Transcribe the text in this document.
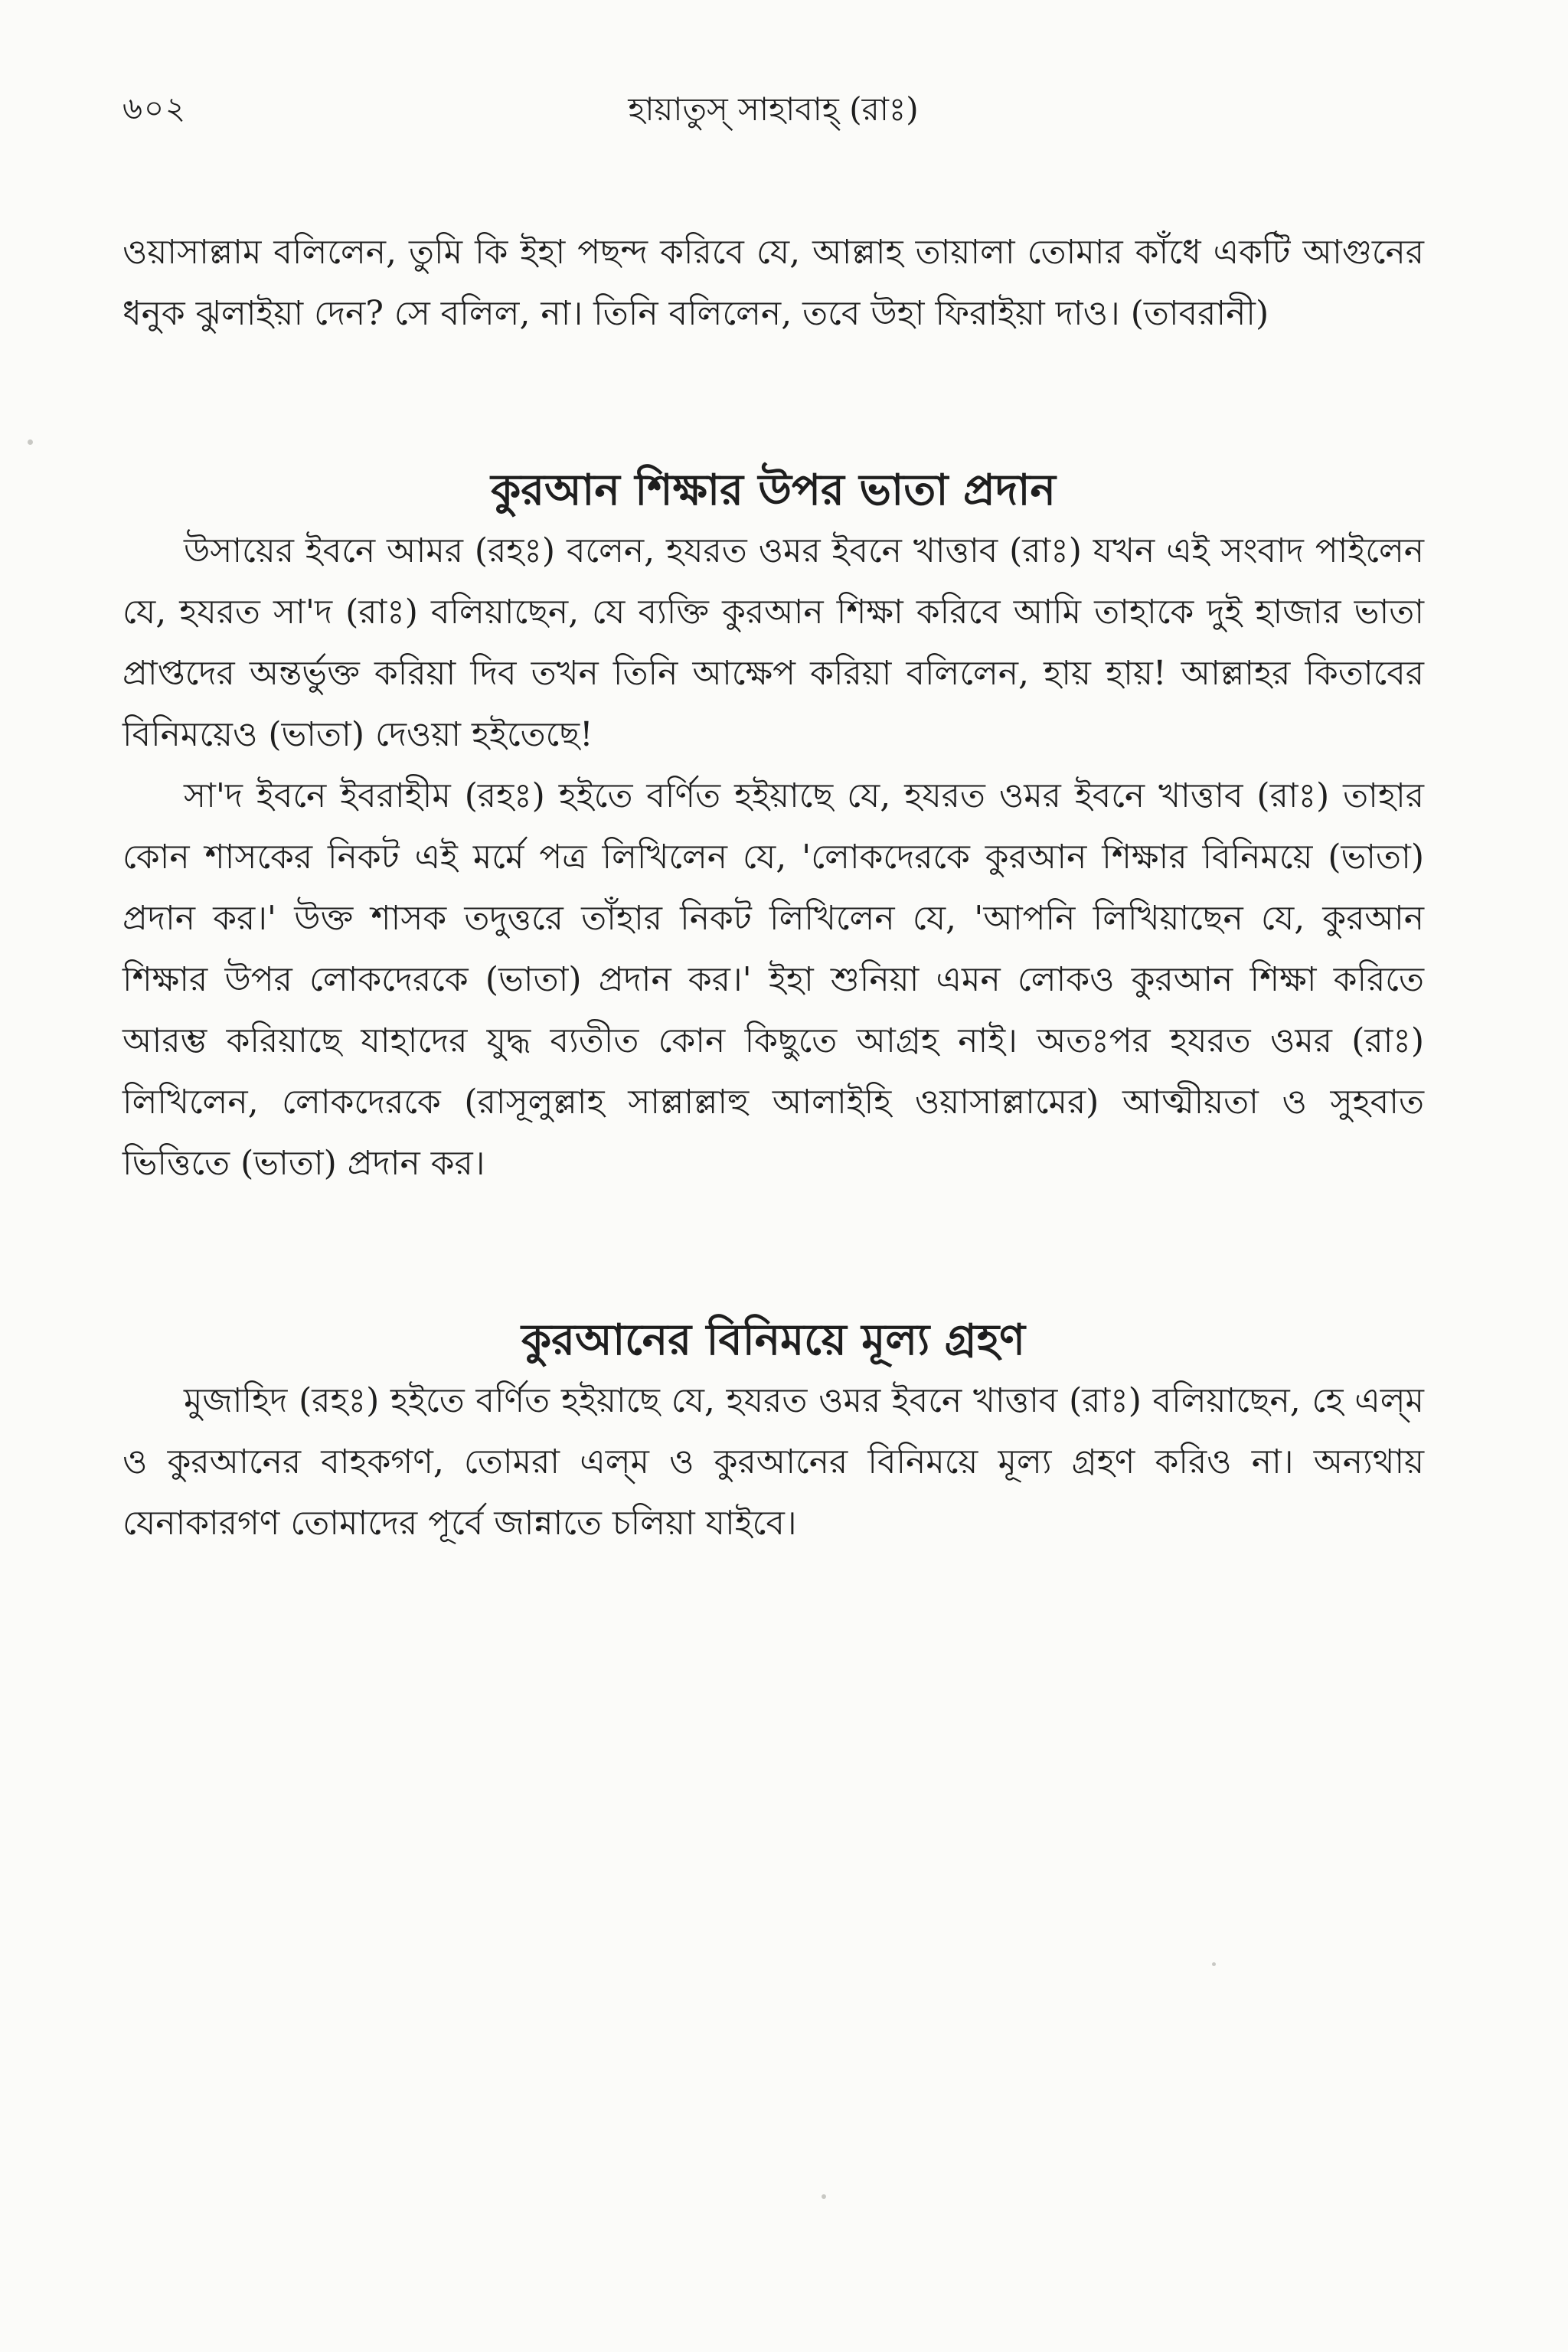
৬০২	হায়াতুস্ সাহাবাহ্ (রাঃ)

ওয়াসাল্লাম বলিলেন, তুমি কি ইহা পছন্দ করিবে যে, আল্লাহ তায়ালা তোমার কাঁধে একটি আগুনের ধনুক ঝুলাইয়া দেন? সে বলিল, না। তিনি বলিলেন, তবে উহা ফিরাইয়া দাও। (তাবরানী)

কুরআন শিক্ষার উপর ভাতা প্রদান

উসায়ের ইবনে আমর (রহঃ) বলেন, হযরত ওমর ইবনে খাত্তাব (রাঃ) যখন এই সংবাদ পাইলেন যে, হযরত সা'দ (রাঃ) বলিয়াছেন, যে ব্যক্তি কুরআন শিক্ষা করিবে আমি তাহাকে দুই হাজার ভাতা প্রাপ্তদের অন্তর্ভুক্ত করিয়া দিব তখন তিনি আক্ষেপ করিয়া বলিলেন, হায় হায়! আল্লাহর কিতাবের বিনিময়েও (ভাতা) দেওয়া হইতেছে!

সা'দ ইবনে ইবরাহীম (রহঃ) হইতে বর্ণিত হইয়াছে যে, হযরত ওমর ইবনে খাত্তাব (রাঃ) তাহার কোন শাসকের নিকট এই মর্মে পত্র লিখিলেন যে, 'লোকদেরকে কুরআন শিক্ষার বিনিময়ে (ভাতা) প্রদান কর।' উক্ত শাসক তদুত্তরে তাঁহার নিকট লিখিলেন যে, 'আপনি লিখিয়াছেন যে, কুরআন শিক্ষার উপর লোকদেরকে (ভাতা) প্রদান কর।' ইহা শুনিয়া এমন লোকও কুরআন শিক্ষা করিতে আরম্ভ করিয়াছে যাহাদের যুদ্ধ ব্যতীত কোন কিছুতে আগ্রহ নাই। অতঃপর হযরত ওমর (রাঃ) লিখিলেন, লোকদেরকে (রাসূলুল্লাহ সাল্লাল্লাহু আলাইহি ওয়াসাল্লামের) আত্মীয়তা ও সুহবাত ভিত্তিতে (ভাতা) প্রদান কর।

কুরআনের বিনিময়ে মূল্য গ্রহণ

মুজাহিদ (রহঃ) হইতে বর্ণিত হইয়াছে যে, হযরত ওমর ইবনে খাত্তাব (রাঃ) বলিয়াছেন, হে এল্‌ম ও কুরআনের বাহকগণ, তোমরা এল্‌ম ও কুরআনের বিনিময়ে মূল্য গ্রহণ করিও না। অন্যথায় যেনাকারগণ তোমাদের পূর্বে জান্নাতে চলিয়া যাইবে।
